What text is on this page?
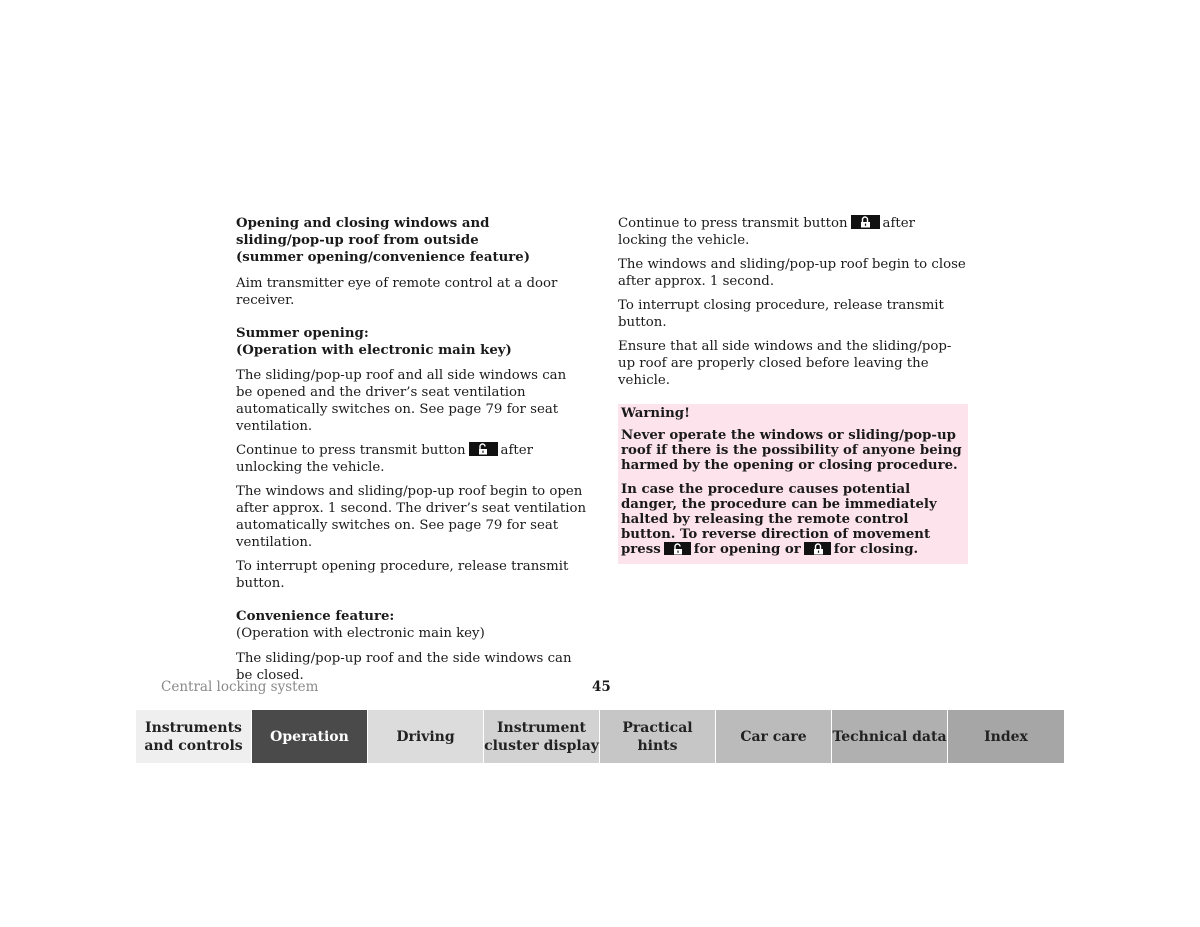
Opening and closing windows and
sliding/pop-up roof from outside
(summer opening/convenience feature)

Aim transmitter eye of remote control at a door receiver.

Summer opening:
(Operation with electronic main key)

The sliding/pop-up roof and all side windows can be opened and the driver’s seat ventilation automatically switches on. See page 79 for seat ventilation.

Continue to press transmit button	after unlocking the vehicle.

The windows and sliding/pop-up roof begin to open after approx. 1 second. The driver’s seat ventilation automatically switches on. See page 79 for seat ventilation.

To interrupt opening procedure, release transmit button.

Convenience feature:
(Operation with electronic main key)

The sliding/pop-up roof and the side windows can be closed.

Continue to press transmit button	after locking the vehicle.

The windows and sliding/pop-up roof begin to close after approx. 1 second.

To interrupt closing procedure, release transmit button.

Ensure that all side windows and the sliding/pop-up roof are properly closed before leaving the vehicle.

Warning!

Never operate the windows or sliding/pop-up roof if there is the possibility of anyone being harmed by the opening or closing procedure.

In case the procedure causes potential danger, the procedure can be immediately halted by releasing the remote control button. To reverse direction of movement press for opening or for closing.

Central locking system	45
Instruments and controls
Operation	Driving
Instrument cluster display
Practical hints
Car care Technical data	Index
